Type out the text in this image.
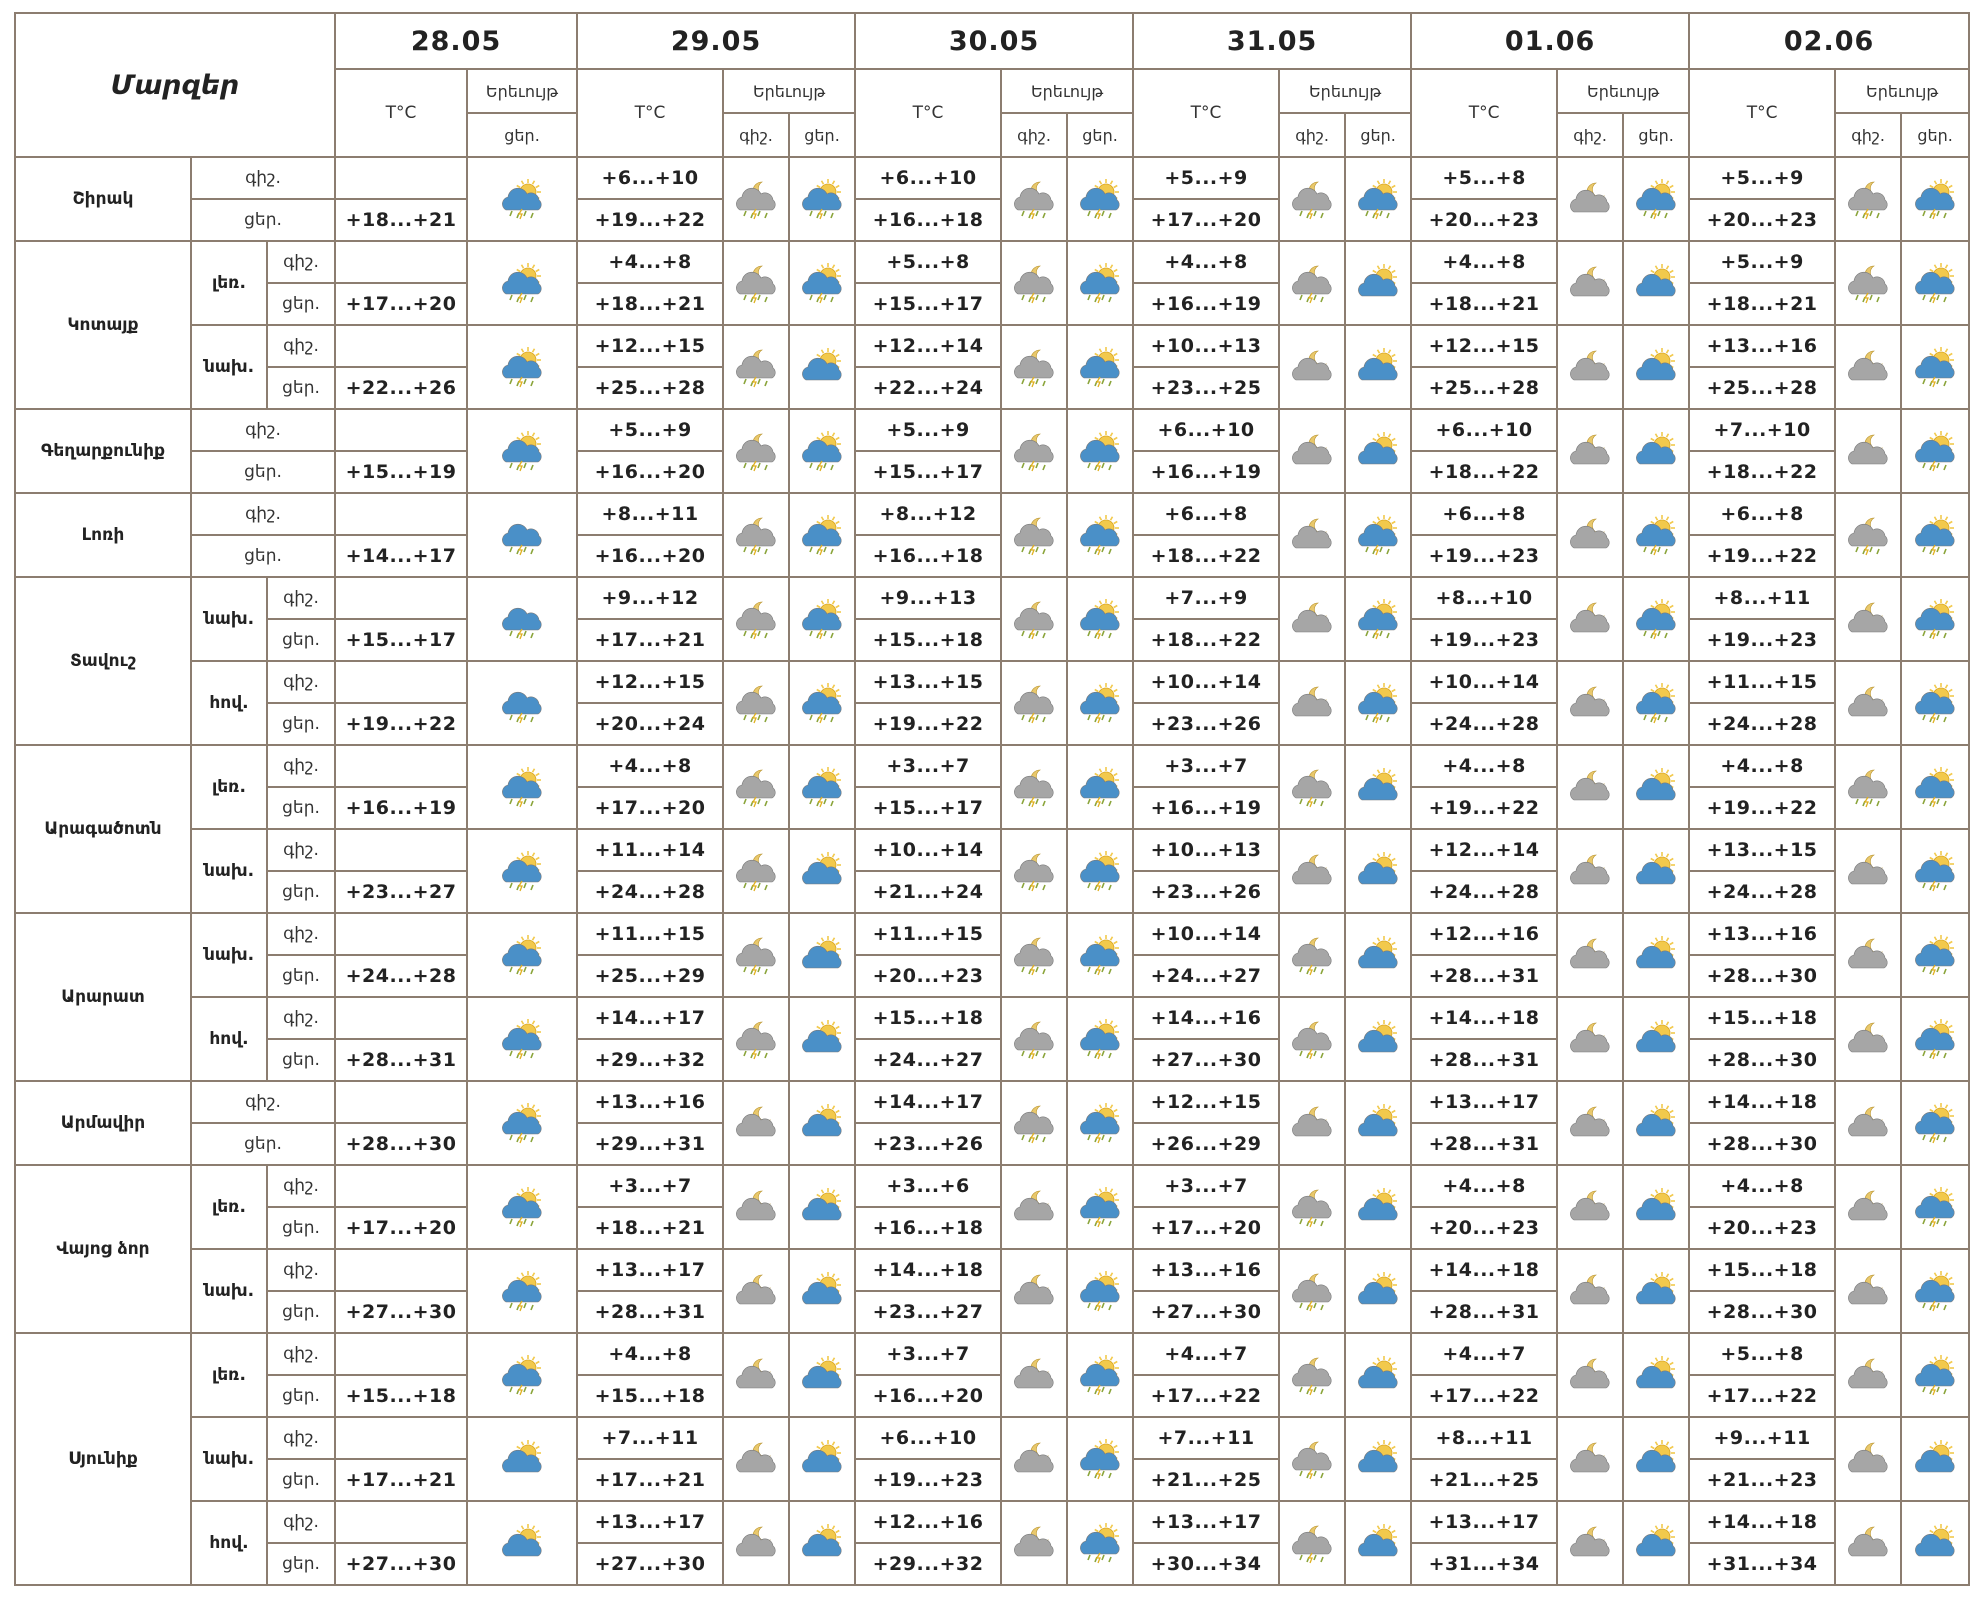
Մարզեր			28.05		29.05			30.05			31.05			01.06			02.06		
			T°C	Երեւույթ	T°C	Երեւույթ		T°C	Երեւույթ		T°C	Երեւույթ		T°C	Երեւույթ		T°C	Երեւույթ	
				ցեր.		գիշ.	ցեր.		գիշ.	ցեր.		գիշ.	ցեր.		գիշ.	ցեր.		գիշ.	ցեր.
Շիրակ	գիշ.				+6...+10			+6...+10			+5...+9			+5...+8			+5...+9	

	ցեր.		+18...+21		+19...+22			+16...+18			+17...+20			+20...+23			+20...+23		
Կոտայք	լեռ.	գիշ.			+4...+8			+5...+8			+4...+8			+4...+8			+5...+9	

		ցեր.	+17...+20		+18...+21			+15...+17			+16...+19			+18...+21			+18...+21		
	նախ.	գիշ.			+12...+15			+12...+14			+10...+13			+12...+15			+13...+16	

		ցեր.	+22...+26		+25...+28			+22...+24			+23...+25			+25...+28			+25...+28		
Գեղարքունիք	գիշ.				+5...+9			+5...+9			+6...+10			+6...+10			+7...+10	

	ցեր.		+15...+19		+16...+20			+15...+17			+16...+19			+18...+22			+18...+22		
Լոռի	գիշ.				+8...+11			+8...+12			+6...+8			+6...+8			+6...+8	

	ցեր.		+14...+17		+16...+20			+16...+18			+18...+22			+19...+23			+19...+22		
Տավուշ	նախ.	գիշ.			+9...+12			+9...+13			+7...+9			+8...+10			+8...+11	

		ցեր.	+15...+17		+17...+21			+15...+18			+18...+22			+19...+23			+19...+23		
	հով.	գիշ.			+12...+15			+13...+15			+10...+14			+10...+14			+11...+15	

		ցեր.	+19...+22		+20...+24			+19...+22			+23...+26			+24...+28			+24...+28		
Արագածոտն	լեռ.	գիշ.			+4...+8			+3...+7			+3...+7			+4...+8			+4...+8	

		ցեր.	+16...+19		+17...+20			+15...+17			+16...+19			+19...+22			+19...+22		
	նախ.	գիշ.			+11...+14			+10...+14			+10...+13			+12...+14			+13...+15	

		ցեր.	+23...+27		+24...+28			+21...+24			+23...+26			+24...+28			+24...+28		
Արարատ	նախ.	գիշ.			+11...+15			+11...+15			+10...+14			+12...+16			+13...+16	

		ցեր.	+24...+28		+25...+29			+20...+23			+24...+27			+28...+31			+28...+30		
	հով.	գիշ.			+14...+17			+15...+18			+14...+16			+14...+18			+15...+18	

		ցեր.	+28...+31		+29...+32			+24...+27			+27...+30			+28...+31			+28...+30		
Արմավիր	գիշ.				+13...+16			+14...+17			+12...+15			+13...+17			+14...+18	

	ցեր.		+28...+30		+29...+31			+23...+26			+26...+29			+28...+31			+28...+30		
Վայոց ձոր	լեռ.	գիշ.			+3...+7			+3...+6			+3...+7			+4...+8			+4...+8	

		ցեր.	+17...+20		+18...+21			+16...+18			+17...+20			+20...+23			+20...+23		
	նախ.	գիշ.			+13...+17			+14...+18			+13...+16			+14...+18			+15...+18	

		ցեր.	+27...+30		+28...+31			+23...+27			+27...+30			+28...+31			+28...+30		
Սյունիք	լեռ.	գիշ.			+4...+8			+3...+7			+4...+7			+4...+7			+5...+8	

		ցեր.	+15...+18		+15...+18			+16...+20			+17...+22			+17...+22			+17...+22		
	նախ.	գիշ.			+7...+11			+6...+10			+7...+11			+8...+11			+9...+11	

		ցեր.	+17...+21		+17...+21			+19...+23			+21...+25			+21...+25			+21...+23		
	հով.	գիշ.			+13...+17			+12...+16			+13...+17			+13...+17			+14...+18	

		ցեր.	+27...+30		+27...+30			+29...+32			+30...+34			+31...+34			+31...+34		
